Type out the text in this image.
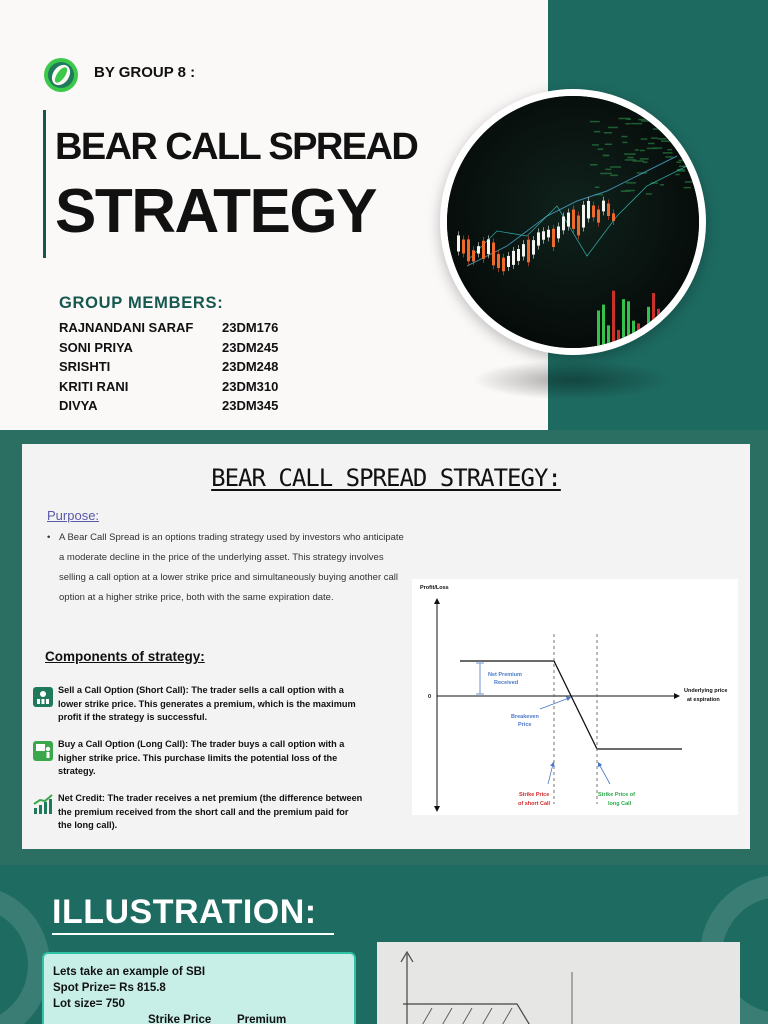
BY GROUP 8 :
BEAR CALL SPREAD
STRATEGY
GROUP MEMBERS:
RAJNANDANI SARAF 23DM176
SONI PRIYA	23DM245
SRISHTI	23DM248
KRITI RANI	23DM310
DIVYA	23DM345
BEAR CALL SPREAD STRATEGY:
Purpose:
• A Bear Call Spread is an options trading strategy used by investors who anticipate a moderate decline in the price of the underlying asset. This strategy involves selling a call option at a lower strike price and simultaneously buying another call option at a higher strike price, both with the same expiration date.
Components of strategy:
Sell a Call Option (Short Call): The trader sells a call option with a lower strike price. This generates a premium, which is the maximum profit if the strategy is successful.
Buy a Call Option (Long Call): The trader buys a call option with a higher strike price. This purchase limits the potential loss of the strategy.
Net Credit: The trader receives a net premium (the difference between the premium received from the short call and the premium paid for the long call).
Profit/Loss
0
Underlying price
at expiration
Net Premium
Received
Breakeven
Price
Strike Price
of short Call
Strike Price of
long Call
ILLUSTRATION:
Lets take an example of SBI
Spot Prize= Rs 815.8
Lot size= 750
Strike Price Premium
